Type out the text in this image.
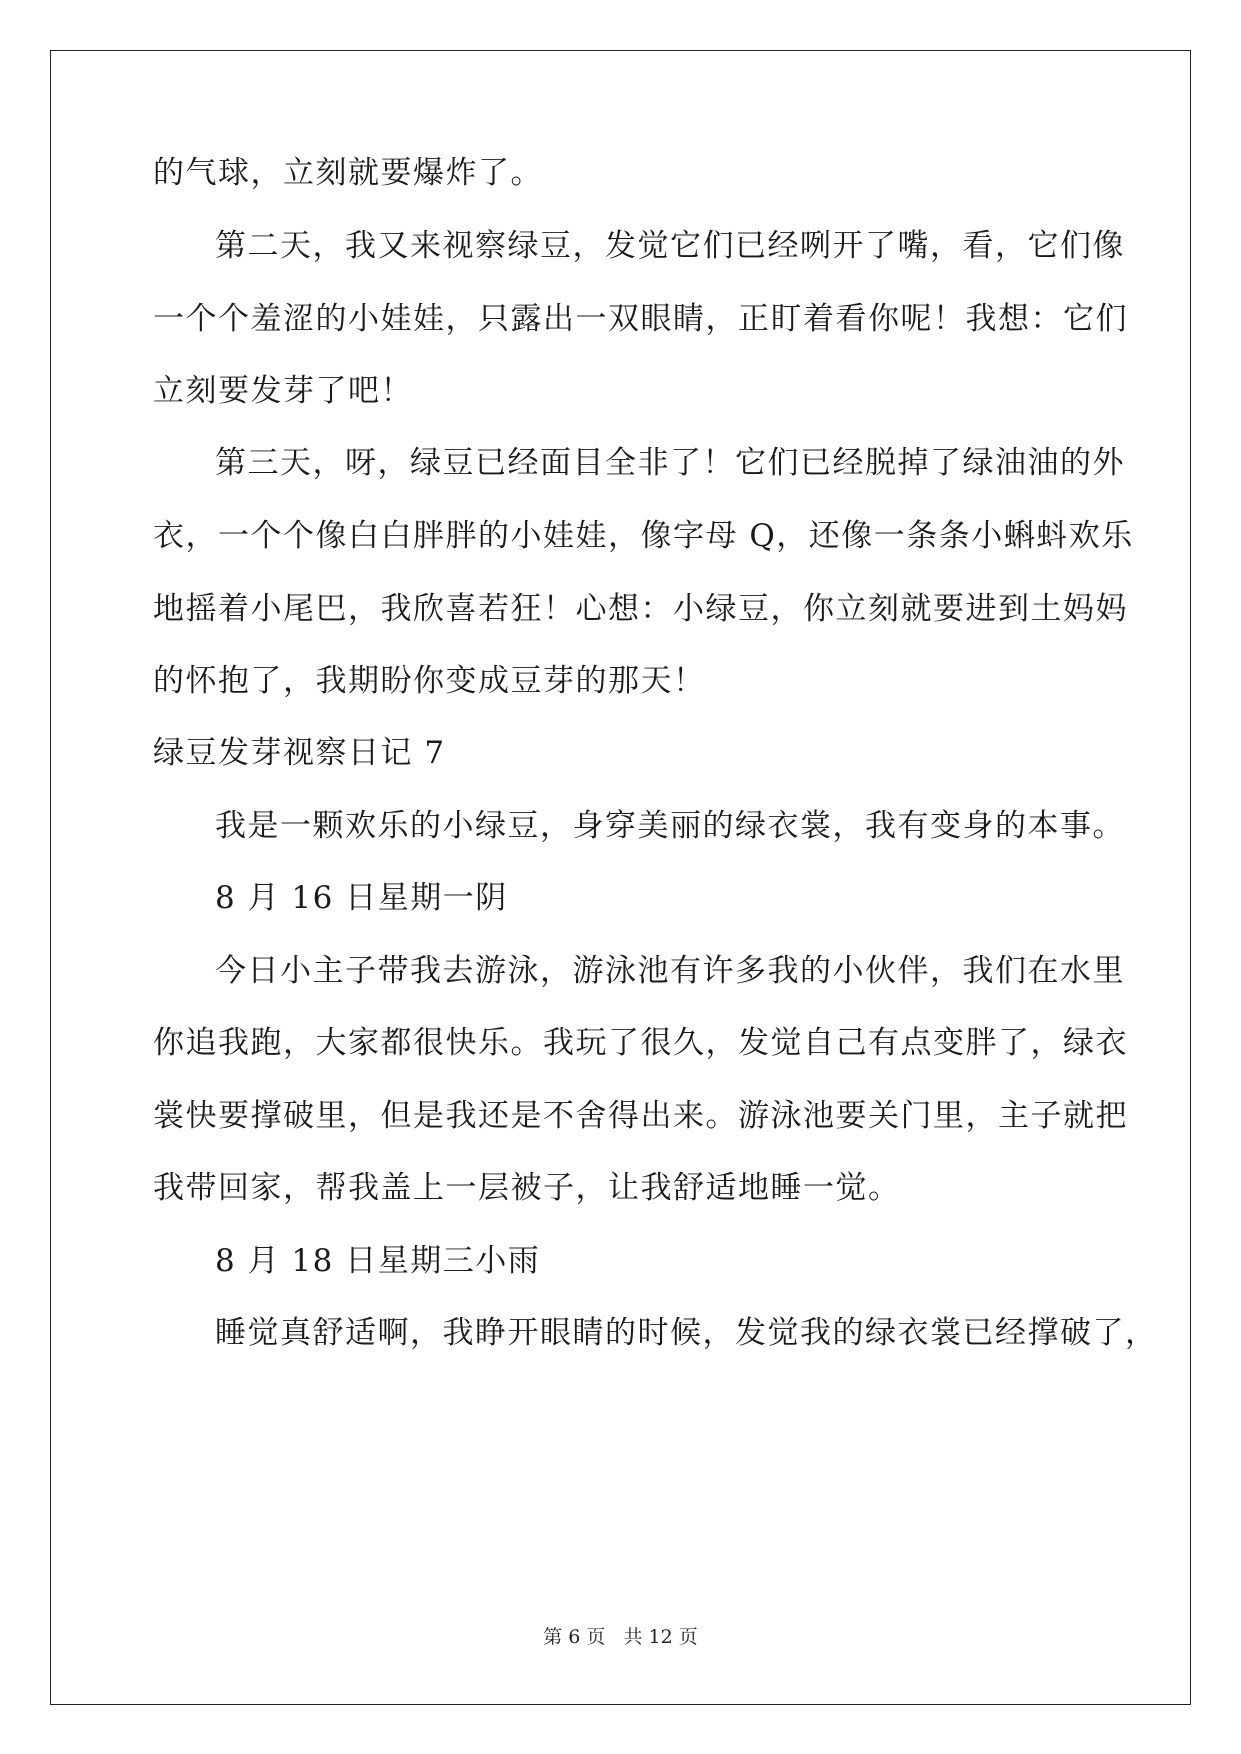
的气球，立刻就要爆炸了。
第二天，我又来视察绿豆，发觉它们已经咧开了嘴，看，它们像
一个个羞涩的小娃娃，只露出一双眼睛，正盯着看你呢！我想：它们
立刻要发芽了吧！
第三天，呀，绿豆已经面目全非了！它们已经脱掉了绿油油的外
衣，一个个像白白胖胖的小娃娃，像字母 Q，还像一条条小蝌蚪欢乐
地摇着小尾巴，我欣喜若狂！心想：小绿豆，你立刻就要进到土妈妈
的怀抱了，我期盼你变成豆芽的那天！
绿豆发芽视察日记 7
我是一颗欢乐的小绿豆，身穿美丽的绿衣裳，我有变身的本事。
8 月 16 日星期一阴
今日小主子带我去游泳，游泳池有许多我的小伙伴，我们在水里
你追我跑，大家都很快乐。我玩了很久，发觉自己有点变胖了，绿衣
裳快要撑破里，但是我还是不舍得出来。游泳池要关门里，主子就把
我带回家，帮我盖上一层被子，让我舒适地睡一觉。
8 月 18 日星期三小雨
睡觉真舒适啊，我睁开眼睛的时候，发觉我的绿衣裳已经撑破了，
第 6 页 共 12 页
